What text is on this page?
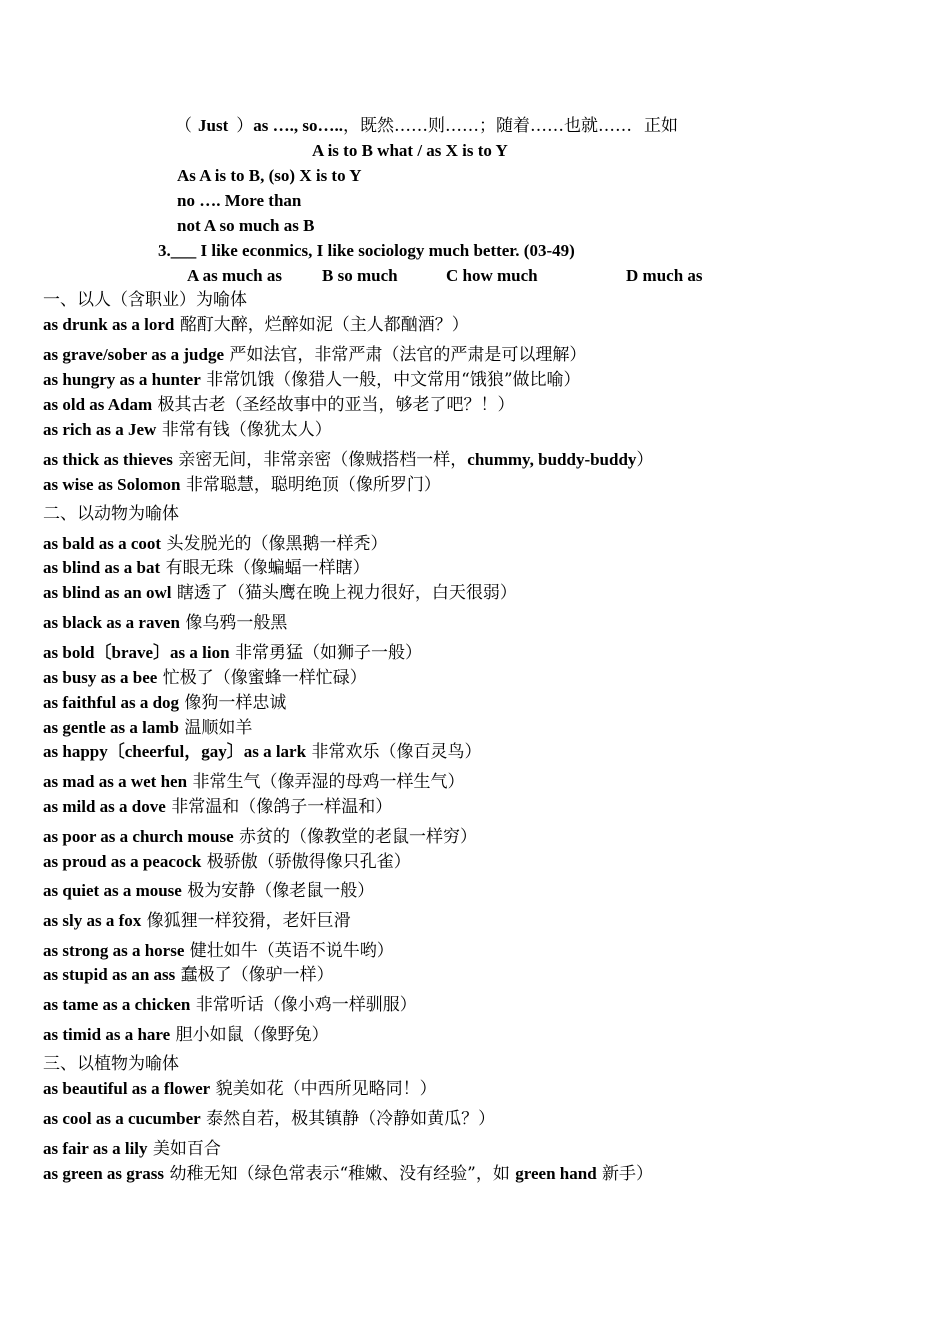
（ Just ）as …., so…..，既然……则……；随着……也就…… 正如
A is to B what / as X is to Y
As A is to B, (so) X is to Y
no …. More than
not A so much as B
3.___ I like econmics, I like sociology much better. (03-49)
A as much as B so much	C how much	D much as
一、以人（含职业）为喻体
as drunk as a lord 酩酊大醉，烂醉如泥（主人都酗酒？）
as grave/sober as a judge 严如法官，非常严肃（法官的严肃是可以理解）
as hungry as a hunter 非常饥饿（像猎人一般，中文常用“饿狼”做比喻）
as old as Adam 极其古老（圣经故事中的亚当，够老了吧？！）
as rich as a Jew 非常有钱（像犹太人）
as thick as thieves 亲密无间，非常亲密（像贼搭档一样，chummy, buddy-buddy）
as wise as Solomon 非常聪慧，聪明绝顶（像所罗门）
二、以动物为喻体
as bald as a coot 头发脱光的（像黑鹅一样秃）
as blind as a bat 有眼无珠（像蝙蝠一样瞎）
as blind as an owl 瞎透了（猫头鹰在晚上视力很好，白天很弱）
as black as a raven 像乌鸦一般黑
as bold〔brave〕as a lion 非常勇猛（如狮子一般）
as busy as a bee 忙极了（像蜜蜂一样忙碌）
as faithful as a dog 像狗一样忠诚
as gentle as a lamb 温顺如羊
as happy〔cheerful，gay〕as a lark 非常欢乐（像百灵鸟）
as mad as a wet hen 非常生气（像弄湿的母鸡一样生气）
as mild as a dove 非常温和（像鸽子一样温和）
as poor as a church mouse 赤贫的（像教堂的老鼠一样穷）
as proud as a peacock 极骄傲（骄傲得像只孔雀）
as quiet as a mouse 极为安静（像老鼠一般）
as sly as a fox 像狐狸一样狡猾，老奸巨滑
as strong as a horse 健壮如牛（英语不说牛哟）
as stupid as an ass 蠢极了（像驴一样）
as tame as a chicken 非常听话（像小鸡一样驯服）
as timid as a hare 胆小如鼠（像野兔）
三、以植物为喻体
as beautiful as a flower 貌美如花（中西所见略同！）
as cool as a cucumber 泰然自若，极其镇静（冷静如黄瓜？）
as fair as a lily 美如百合
as green as grass 幼稚无知（绿色常表示“稚嫩、没有经验”，如 green hand 新手）
